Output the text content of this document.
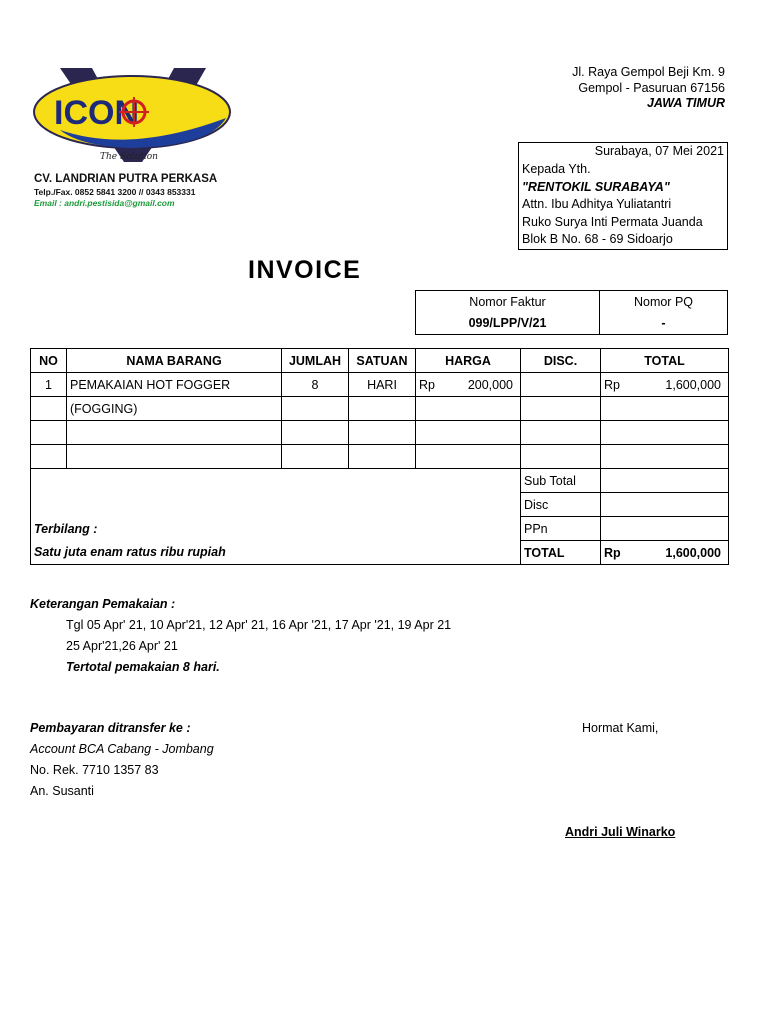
ICON
The Solution
CV. LANDRIAN PUTRA PERKASA
Telp./Fax. 0852 5841 3200 // 0343 853331
Email : andri.pestisida@gmail.com
Jl. Raya Gempol Beji Km. 9
Gempol - Pasuruan 67156
JAWA TIMUR
Surabaya, 07 Mei 2021
Kepada Yth.
"RENTOKIL SURABAYA"
Attn. Ibu Adhitya Yuliatantri
Ruko Surya Inti Permata Juanda
Blok B No. 68 - 69 Sidoarjo
INVOICE
Nomor Faktur	Nomor PQ
099/LPP/V/21	-
NO	NAMA BARANG	JUMLAH	SATUAN	HARGA	DISC.	TOTAL
1	PEMAKAIAN HOT FOGGER	8	HARI	Rp 200,000		Rp 1,600,000

	(FOGGING)					

					Sub Total	
					Disc	
Terbilang :					PPn	
Satu juta enam ratus ribu rupiah					TOTAL	Rp 1,600,000
Keterangan Pemakaian :
Tgl 05 Apr' 21, 10 Apr'21, 12 Apr' 21, 16 Apr '21, 17 Apr '21, 19 Apr 21
25 Apr'21,26 Apr' 21
Tertotal pemakaian 8 hari.
Pembayaran ditransfer ke :
Account BCA Cabang - Jombang
No. Rek. 7710 1357 83
An. Susanti
Hormat Kami,
Andri Juli Winarko
